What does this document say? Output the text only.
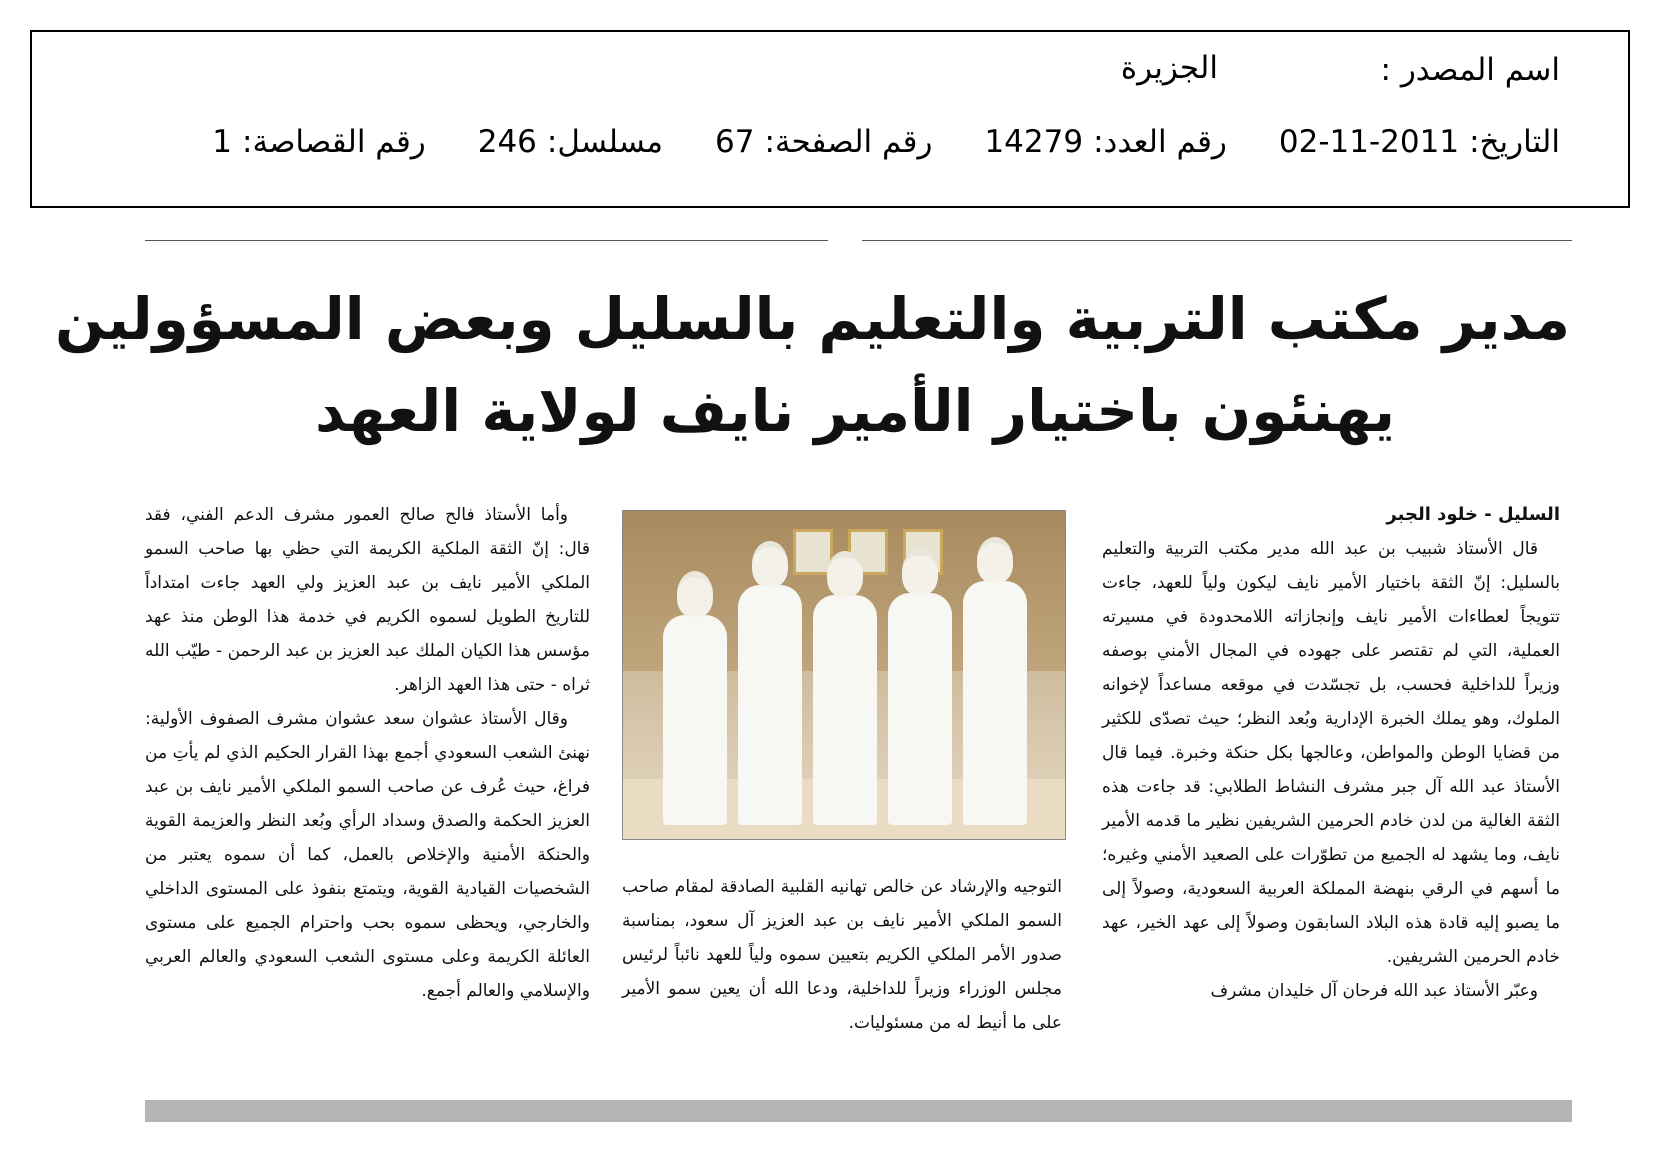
اسم المصدر :
الجزيرة
التاريخ:2011-11-02
رقم العدد:14279
رقم الصفحة:67
مسلسل:246
رقم القصاصة:1
مدير مكتب التربية والتعليم بالسليل وبعض المسؤولين
يهنئون باختيار الأمير نايف لولاية العهد
السليل - خلود الجبر

قال الأستاذ شبيب بن عبد الله مدير مكتب التربية والتعليم بالسليل: إنّ الثقة باختيار الأمير نايف ليكون ولياً للعهد، جاءت تتويجاً لعطاءات الأمير نايف وإنجازاته اللامحدودة في مسيرته العملية، التي لم تقتصر على جهوده في المجال الأمني بوصفه وزيراً للداخلية فحسب، بل تجسّدت في موقعه مساعداً لإخوانه الملوك، وهو يملك الخبرة الإدارية وبُعد النظر؛ حيث تصدّى للكثير من قضايا الوطن والمواطن، وعالجها بكل حنكة وخبرة. فيما قال الأستاذ عبد الله آل جبر مشرف النشاط الطلابي: قد جاءت هذه الثقة الغالية من لدن خادم الحرمين الشريفين نظير ما قدمه الأمير نايف، وما يشهد له الجميع من تطوّرات على الصعيد الأمني وغيره؛ ما أسهم في الرقي بنهضة المملكة العربية السعودية، وصولاً إلى ما يصبو إليه قادة هذه البلاد السابقون وصولاً إلى عهد الخير، عهد خادم الحرمين الشريفين.

وعبّر الأستاذ عبد الله فرحان آل خليدان مشرف

التوجيه والإرشاد عن خالص تهانيه القلبية الصادقة لمقام صاحب السمو الملكي الأمير نايف بن عبد العزيز آل سعود، بمناسبة صدور الأمر الملكي الكريم بتعيين سموه ولياً للعهد نائباً لرئيس مجلس الوزراء وزيراً للداخلية، ودعا الله أن يعين سمو الأمير على ما أنيط له من مسئوليات.

وأما الأستاذ فالح صالح العمور مشرف الدعم الفني، فقد قال: إنّ الثقة الملكية الكريمة التي حظي بها صاحب السمو الملكي الأمير نايف بن عبد العزيز ولي العهد جاءت امتداداً للتاريخ الطويل لسموه الكريم في خدمة هذا الوطن منذ عهد مؤسس هذا الكيان الملك عبد العزيز بن عبد الرحمن - طيّب الله ثراه - حتى هذا العهد الزاهر.

وقال الأستاذ عشوان سعد عشوان مشرف الصفوف الأولية: نهنئ الشعب السعودي أجمع بهذا القرار الحكيم الذي لم يأتِ من فراغ، حيث عُرف عن صاحب السمو الملكي الأمير نايف بن عبد العزيز الحكمة والصدق وسداد الرأي وبُعد النظر والعزيمة القوية والحنكة الأمنية والإخلاص بالعمل، كما أن سموه يعتبر من الشخصيات القيادية القوية، ويتمتع بنفوذ على المستوى الداخلي والخارجي، ويحظى سموه بحب واحترام الجميع على مستوى العائلة الكريمة وعلى مستوى الشعب السعودي والعالم العربي والإسلامي والعالم أجمع.
